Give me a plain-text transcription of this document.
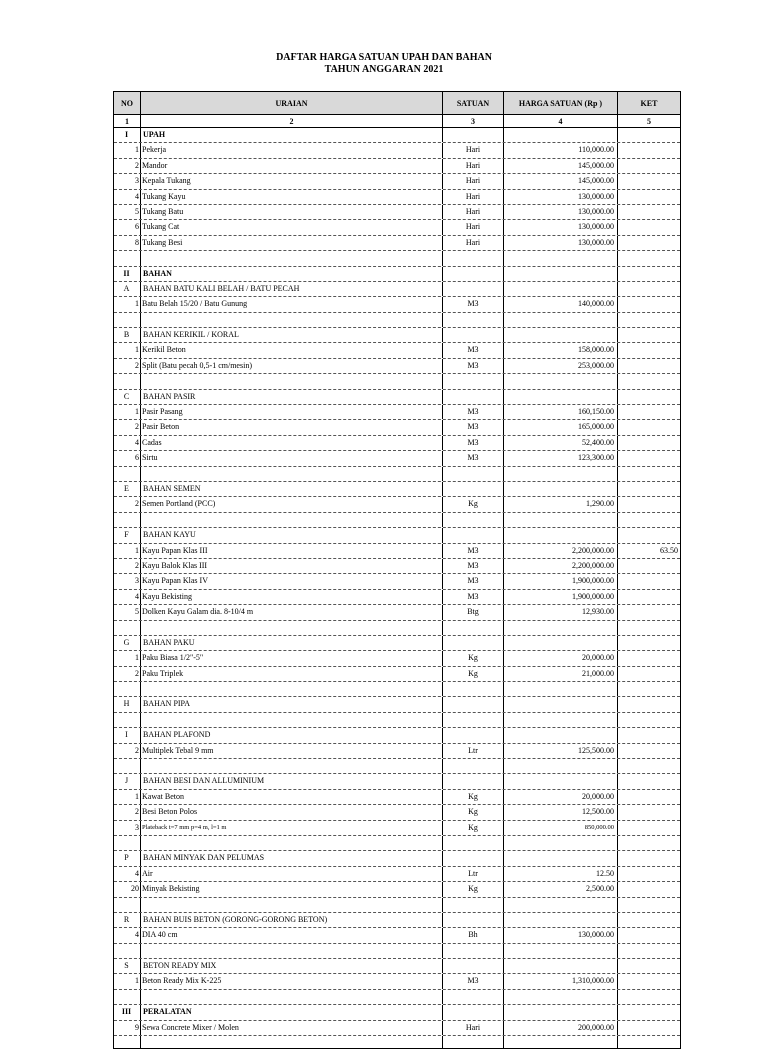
DAFTAR HARGA SATUAN UPAH DAN BAHAN
TAHUN ANGGARAN 2021
NO	URAIAN	SATUAN	HARGA SATUAN (Rp )	KET
1	2	3	4	5
I	UPAH
1 Pekerja	Hari	110,000.00
2 Mandor	Hari	145,000.00
3 Kepala Tukang	Hari	145,000.00
4 Tukang Kayu	Hari	130,000.00
5 Tukang Batu	Hari	130,000.00
6 Tukang Cat	Hari	130,000.00
8 Tukang Besi	Hari	130,000.00
II	BAHAN
A	BAHAN BATU KALI BELAH / BATU PECAH
1 Batu Belah 15/20 / Batu Gunung	M3	140,000.00
B	BAHAN KERIKIL / KORAL
1 Kerikil Beton	M3	158,000.00
2 Split (Batu pecah 0,5-1 cm/mesin)	M3	253,000.00
C	BAHAN PASIR
1 Pasir Pasang	M3	160,150.00
2 Pasir Beton	M3	165,000.00
4 Cadas	M3	52,400.00
6 Sirtu	M3	123,300.00
E	BAHAN SEMEN
2 Semen Portland (PCC)	Kg	1,290.00
F	BAHAN KAYU
1 Kayu Papan Klas III	M3	2,200,000.00	63.50
2 Kayu Balok Klas III	M3	2,200,000.00
3 Kayu Papan Klas IV	M3	1,900,000.00
4 Kayu Bekisting	M3	1,900,000.00
5 Dolken Kayu Galam dia. 8-10/4 m	Btg	12,930.00
G	BAHAN PAKU
1 Paku Biasa 1/2"-5"	Kg	20,000.00
2 Paku Triplek	Kg	21,000.00
H	BAHAN PIPA
I	BAHAN PLAFOND
2 Multiplek Tebal 9 mm	Ltr	125,500.00
J	BAHAN BESI DAN ALLUMINIUM
1 Kawat Beton	Kg	20,000.00
2 Besi Beton Polos	Kg	12,500.00
3 Plateback t=7 mm p=4 m, l=1 m	Kg	850,000.00
P	BAHAN MINYAK DAN PELUMAS
4 Air	Ltr	12.50
20 Minyak Bekisting	Kg	2,500.00
R	BAHAN BUIS BETON (GORONG-GORONG BETON)
4 DIA 40 cm	Bh	130,000.00
S	BETON READY MIX
1 Beton Ready Mix K-225	M3	1,310,000.00
III	PERALATAN
9 Sewa Concrete Mixer / Molen	Hari	200,000.00
